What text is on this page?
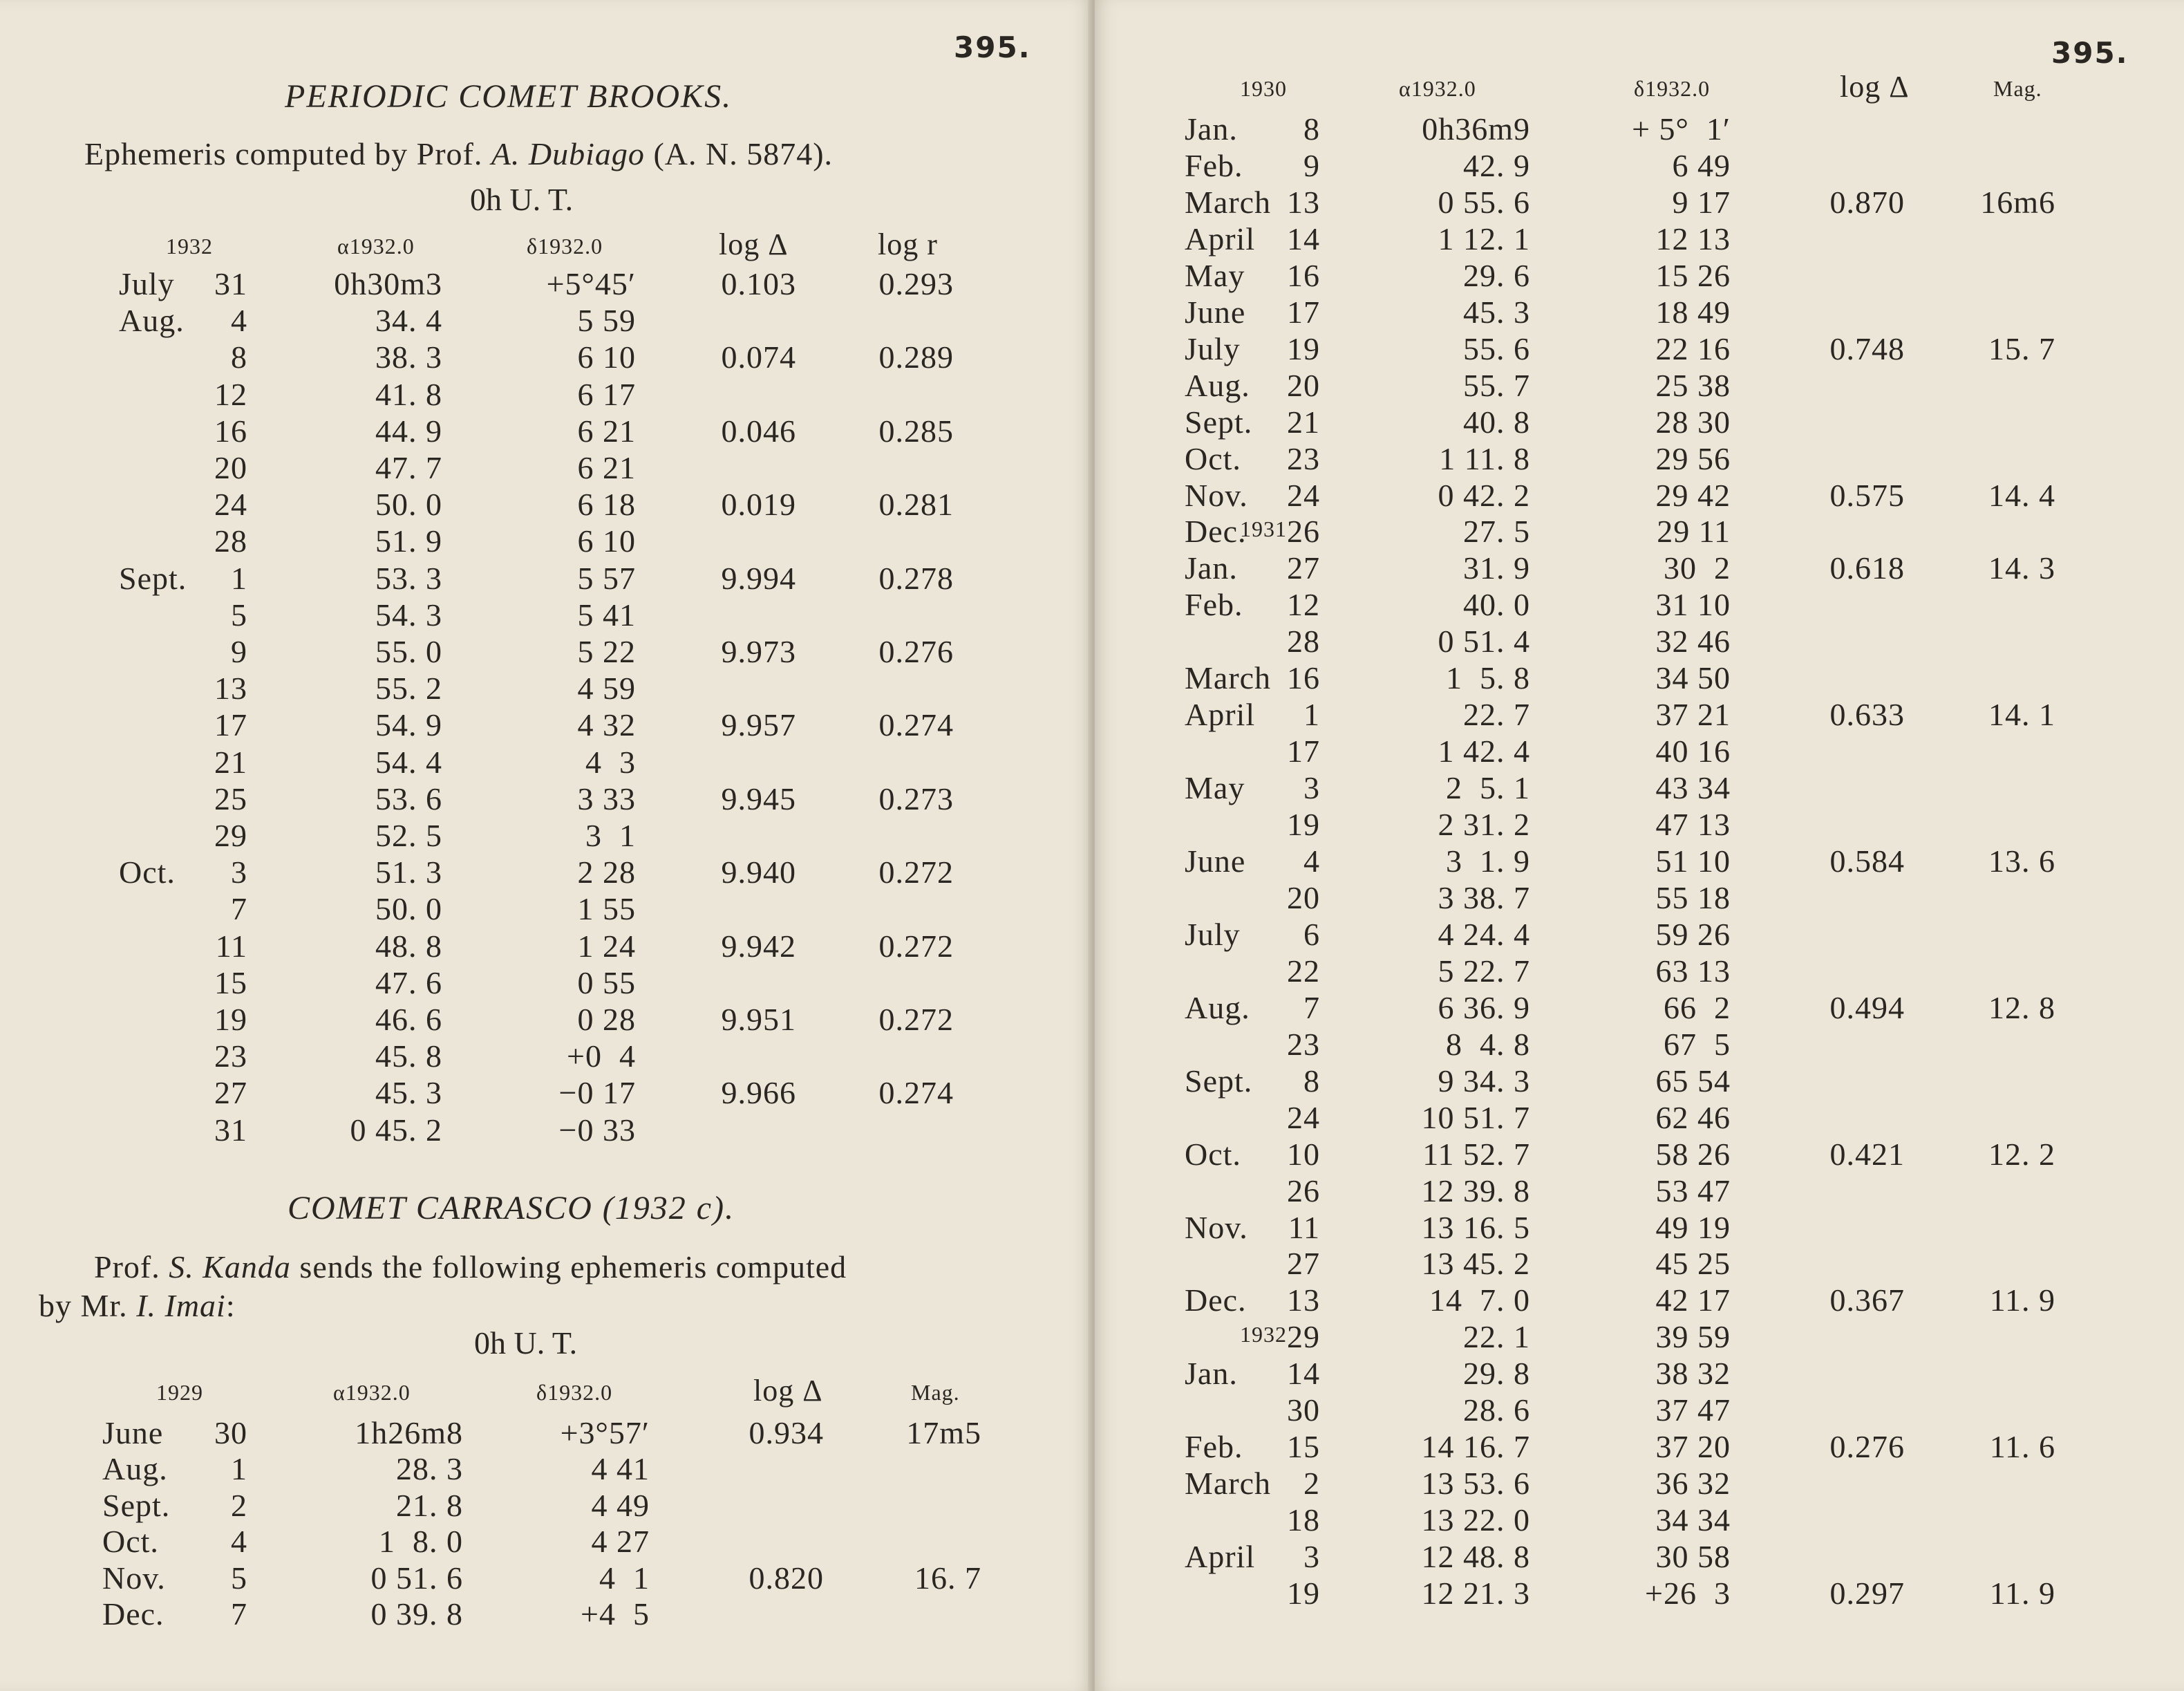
395.
PERIODIC COMET BROOKS.
Ephemeris computed by Prof. A. Dubiago (A. N. 5874).
0h U. T.
1932	α1932.0	δ1932.0	log Δ	log r
July	31	0h30m3	+5°45′	0.103	0.293
Aug.	4	34. 4	5 59
8	38. 3	6 10	0.074	0.289
12	41. 8	6 17
16	44. 9	6 21	0.046	0.285
20	47. 7	6 21
24	50. 0	6 18	0.019	0.281
28	51. 9	6 10
Sept.	1	53. 3	5 57	9.994	0.278
5	54. 3	5 41
9	55. 0	5 22	9.973	0.276
13	55. 2	4 59
17	54. 9	4 32	9.957	0.274
21	54. 4	4  3
25	53. 6	3 33	9.945	0.273
29	52. 5	3  1
Oct.	3	51. 3	2 28	9.940	0.272
7	50. 0	1 55
11	48. 8	1 24	9.942	0.272
15	47. 6	0 55
19	46. 6	0 28	9.951	0.272
23	45. 8	+0  4
27	45. 3	−0 17	9.966	0.274
31	0 45. 2	−0 33
COMET CARRASCO (1932 c).
Prof. S. Kanda sends the following ephemeris computed
by Mr. I. Imai:
0h U. T.
1929	α1932.0	δ1932.0	log Δ	Mag.
June	30	1h26m8	+3°57′	0.934	17m5
Aug.	1	28. 3	4 41
Sept.	2	21. 8	4 49
Oct.	4	1  8. 0	4 27
Nov.	5	0 51. 6	4  1	0.820	16. 7
Dec.	7	0 39. 8	+4  5
395.
1930	α1932.0	δ1932.0	log Δ	Mag.
Jan.	8	0h36m9	+ 5°  1′
Feb.	9	42. 9	6 49
March 13	0 55. 6	9 17	0.870	16m6
April 14	1 12. 1	12 13
May	16	29. 6	15 26
June	17	45. 3	18 49
July	19	55. 6	22 16	0.748	15. 7
Aug.	20	55. 7	25 38
Sept.	21	40. 8	28 30
Oct.	23	1 11. 8	29 56
Nov.	24	0 42. 2	29 42	0.575	14. 4
Dec.	26	27. 5	29 11
1931
Jan.	27	31. 9	30  2	0.618	14. 3
Feb.	12	40. 0	31 10
28	0 51. 4	32 46
March 16	1  5. 8	34 50
April	1	22. 7	37 21	0.633	14. 1
17	1 42. 4	40 16
May	3	2  5. 1	43 34
19	2 31. 2	47 13
June	4	3  1. 9	51 10	0.584	13. 6
20	3 38. 7	55 18
July	6	4 24. 4	59 26
22	5 22. 7	63 13
Aug.	7	6 36. 9	66  2	0.494	12. 8
23	8  4. 8	67  5
Sept.	8	9 34. 3	65 54
24	10 51. 7	62 46
Oct.	10	11 52. 7	58 26	0.421	12. 2
26	12 39. 8	53 47
Nov.	11	13 16. 5	49 19
27	13 45. 2	45 25
Dec.	13	14  7. 0	42 17	0.367	11. 9
29	22. 1	39 59
1932
Jan.	14	29. 8	38 32
30	28. 6	37 47
Feb.	15	14 16. 7	37 20	0.276	11. 6
March	2	13 53. 6	36 32
18	13 22. 0	34 34
April	3	12 48. 8	30 58
19	12 21. 3	+26  3	0.297	11. 9
